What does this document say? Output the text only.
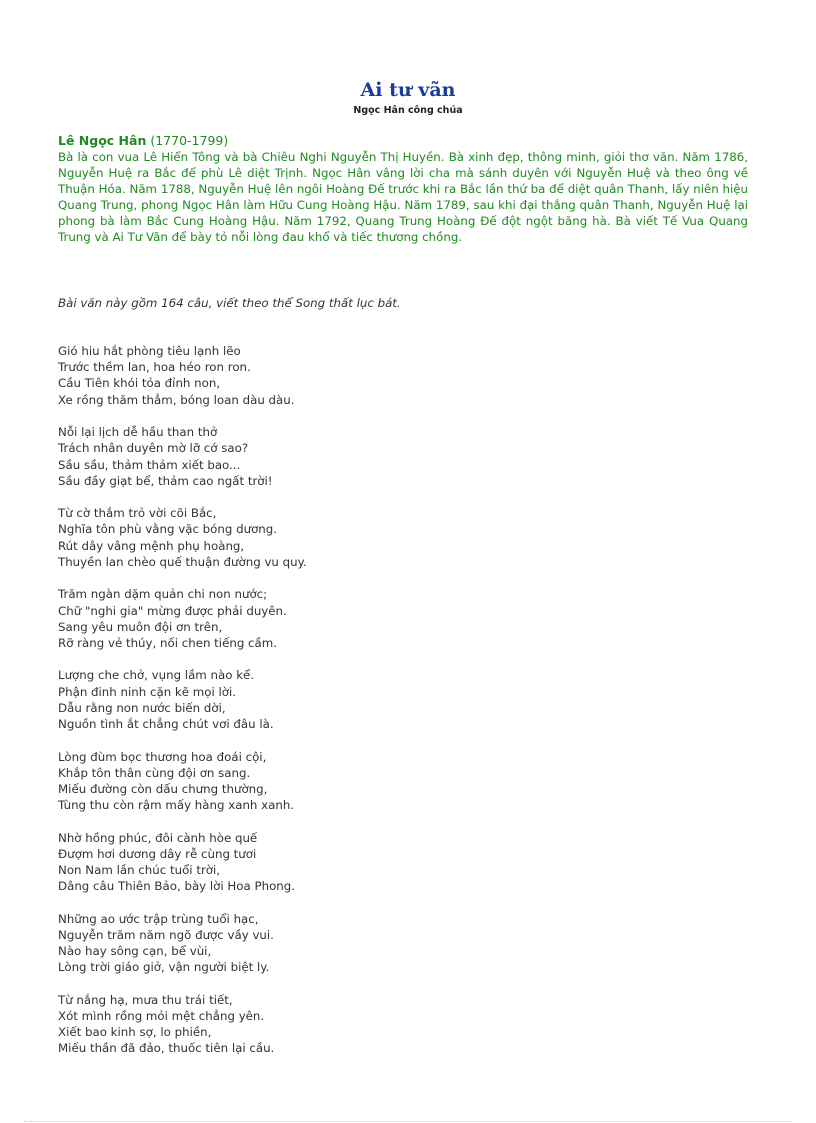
Ai tư vãn
Ngọc Hân công chúa
Lê Ngọc Hân (1770-1799)
Bà là con vua Lê Hiển Tông và bà Chiêu Nghi Nguyễn Thị Huyền. Bà xinh đẹp, thông minh, giỏi thơ văn. Năm 1786, Nguyễn Huệ ra Bắc để phù Lê diệt Trịnh. Ngọc Hân vâng lời cha mà sánh duyên với Nguyễn Huệ và theo ông về Thuận Hóa. Năm 1788, Nguyễn Huệ lên ngôi Hoàng Đế trước khi ra Bắc lần thứ ba để diệt quân Thanh, lấy niên hiệu Quang Trung, phong Ngọc Hân làm Hữu Cung Hoàng Hậu. Năm 1789, sau khi đại thắng quân Thanh, Nguyễn Huệ lại phong bà làm Bắc Cung Hoàng Hậu. Năm 1792, Quang Trung Hoàng Đế đột ngột băng hà. Bà viết Tế Vua Quang Trung và Ai Tư Vãn để bày tỏ nỗi lòng đau khổ và tiếc thương chồng.
Bài văn này gồm 164 câu, viết theo thể Song thất lục bát.
Gió hiu hắt phòng tiêu lạnh lẽo
Trước thềm lan, hoa héo ron ron.
Cầu Tiên khói tỏa đỉnh non,
Xe rồng thăm thẳm, bóng loan dàu dàu.
Nỗi lại lịch dễ hầu than thở
Trách nhân duyên mờ lỡ cớ sao?
Sầu sầu, thảm thảm xiết bao...
Sầu đầy giạt bể, thảm cao ngất trời!
Từ cờ thắm trỏ vời cõi Bắc,
Nghĩa tôn phù vằng vặc bóng dương.
Rút dây vâng mệnh phụ hoàng,
Thuyền lan chèo quế thuận đường vu quy.
Trăm ngàn dặm quản chi non nước;
Chữ "nghi gia" mừng được phải duyên.
Sang yêu muôn đội ơn trên,
Rỡ ràng vẻ thúy, nối chen tiếng cầm.
Lượng che chở, vụng lầm nào kể.
Phận đinh ninh cặn kẽ mọi lời.
Dẫu rằng non nước biến dời,
Nguồn tình ắt chẳng chút vơi đâu là.
Lòng đùm bọc thương hoa đoái cội,
Khắp tôn thân cùng đội ơn sang.
Miếu đường còn dấu chưng thường,
Tùng thu còn rậm mấy hàng xanh xanh.
Nhờ hồng phúc, đôi cành hòe quế
Đượm hơi dương dây rễ cùng tươi
Non Nam lần chúc tuổi trời,
Dâng câu Thiên Bảo, bày lời Hoa Phong.
Những ao ước trập trùng tuổi hạc,
Nguyễn trăm năm ngõ được vầy vui.
Nào hay sông cạn, bể vùi,
Lòng trời giáo giở, vận người biệt ly.
Từ nắng hạ, mưa thu trái tiết,
Xót mình rồng mỏi mệt chẳng yên.
Xiết bao kinh sợ, lo phiền,
Miếu thần đã đảo, thuốc tiên lại cầu.
